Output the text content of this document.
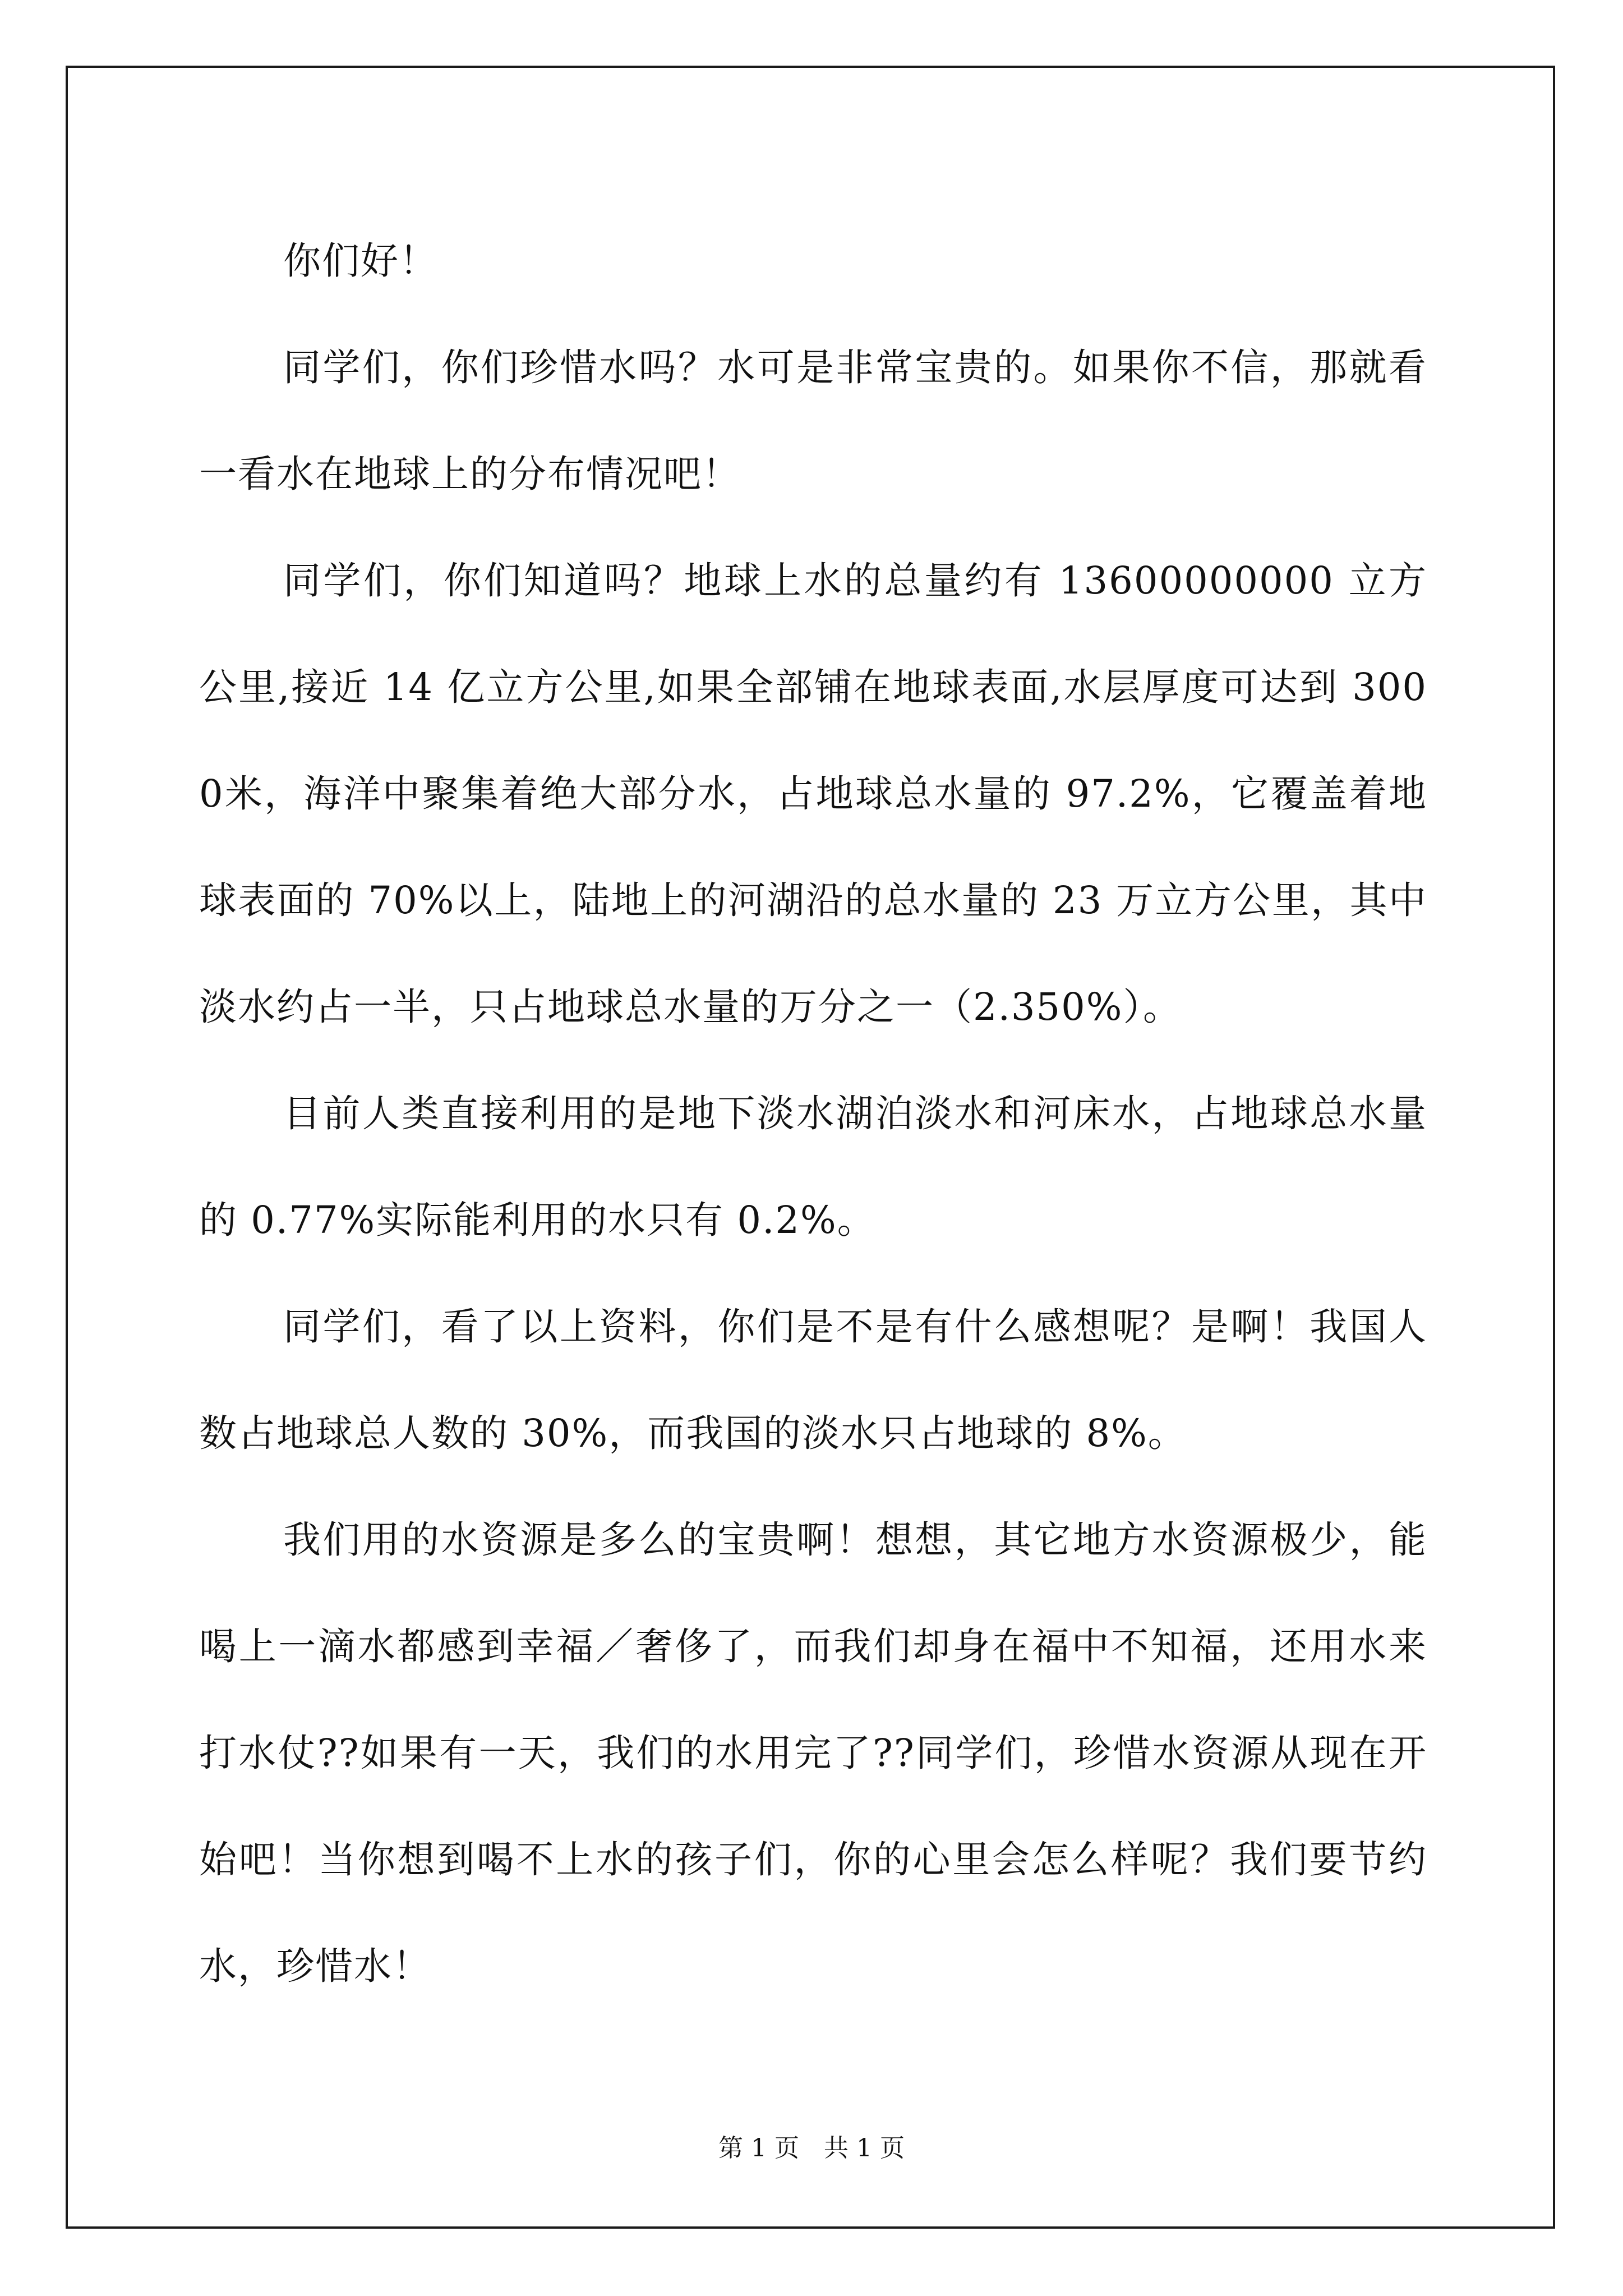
你们好！

同学们，你们珍惜水吗？水可是非常宝贵的。如果你不信，那就看一看水在地球上的分布情况吧！

同学们，你们知道吗？地球上水的总量约有 13600000000 立方公里,接近 14 亿立方公里,如果全部铺在地球表面,水层厚度可达到 3000米，海洋中聚集着绝大部分水，占地球总水量的 97.2%，它覆盖着地球表面的 70%以上，陆地上的河湖沿的总水量的 23 万立方公里，其中淡水约占一半，只占地球总水量的万分之一（2.350%）。

目前人类直接利用的是地下淡水湖泊淡水和河床水，占地球总水量的 0.77%实际能利用的水只有 0.2%。

同学们，看了以上资料，你们是不是有什么感想呢？是啊！我国人数占地球总人数的 30%，而我国的淡水只占地球的 8%。

我们用的水资源是多么的宝贵啊！想想，其它地方水资源极少，能喝上一滴水都感到幸福／奢侈了，而我们却身在福中不知福，还用水来打水仗??如果有一天，我们的水用完了??同学们，珍惜水资源从现在开始吧！当你想到喝不上水的孩子们，你的心里会怎么样呢？我们要节约水，珍惜水！

第 1 页　共 1 页
